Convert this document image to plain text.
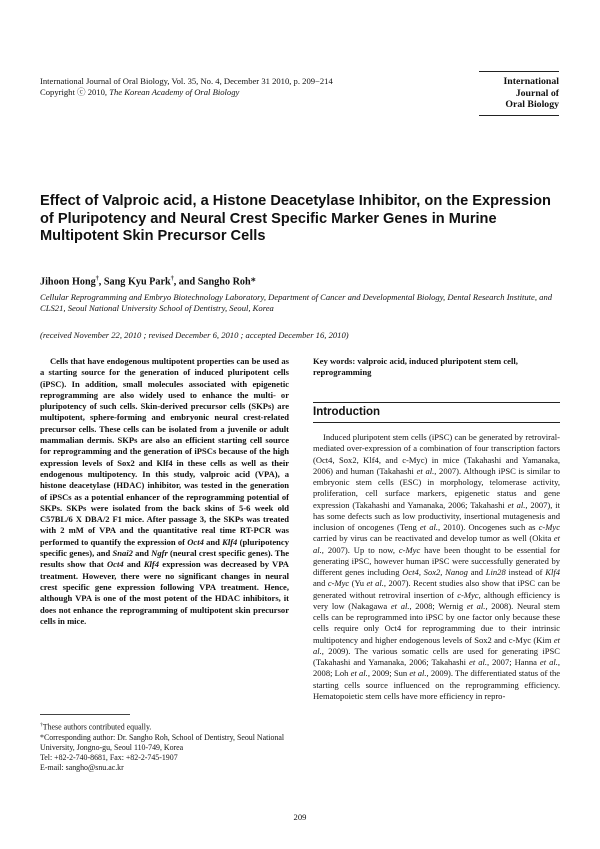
International Journal of Oral Biology, Vol. 35, No. 4, December 31 2010, p. 209−214
Copyright ⓒ 2010, The Korean Academy of Oral Biology
International
Journal of
Oral Biology
Effect of Valproic acid, a Histone Deacetylase Inhibitor, on the Expression of Pluripotency and Neural Crest Specific Marker Genes in Murine Multipotent Skin Precursor Cells
Jihoon Hong†, Sang Kyu Park†, and Sangho Roh*
Cellular Reprogramming and Embryo Biotechnology Laboratory, Department of Cancer and Developmental Biology, Dental Research Institute, and CLS21, Seoul National University School of Dentistry, Seoul, Korea
(received November 22, 2010 ; revised December 6, 2010 ; accepted December 16, 2010)

Cells that have endogenous multipotent properties can be used as a starting source for the generation of induced pluripotent cells (iPSC). In addition, small molecules associated with epigenetic reprogramming are also widely used to enhance the multi- or pluripotency of such cells. Skin-derived precursor cells (SKPs) are multipotent, sphere-forming and embryonic neural crest-related precursor cells. These cells can be isolated from a juvenile or adult mammalian dermis. SKPs are also an efficient starting cell source for reprogramming and the generation of iPSCs because of the high expression levels of Sox2 and Klf4 in these cells as well as their endogenous multipotency. In this study, valproic acid (VPA), a histone deacetylase (HDAC) inhibitor, was tested in the generation of iPSCs as a potential enhancer of the reprogramming potential of SKPs. SKPs were isolated from the back skins of 5-6 week old C57BL/6 X DBA/2 F1 mice. After passage 3, the SKPs was treated with 2 mM of VPA and the quantitative real time RT-PCR was performed to quantify the expression of Oct4 and Klf4 (pluripotency specific genes), and Snai2 and Ngfr (neural crest specific genes). The results show that Oct4 and Klf4 expression was decreased by VPA treatment. However, there were no significant changes in neural crest specific gene expression following VPA treatment. Hence, although VPA is one of the most potent of the HDAC inhibitors, it does not enhance the reprogramming of multipotent skin precursor cells in mice.

Key words: valproic acid, induced pluripotent stem cell, reprogramming
Introduction

Induced pluripotent stem cells (iPSC) can be generated by retroviral-mediated over-expression of a combination of four transcription factors (Oct4, Sox2, Klf4, and c-Myc) in mice (Takahashi and Yamanaka, 2006) and human (Takahashi et al., 2007). Although iPSC is similar to embryonic stem cells (ESC) in morphology, telomerase activity, proliferation, cell surface markers, epigenetic status and gene expression (Takahashi and Yamanaka, 2006; Takahashi et al., 2007), it has some defects such as low productivity, insertional mutagenesis and inclusion of oncogenes (Teng et al., 2010). Oncogenes such as c-Myc carried by virus can be reactivated and develop tumor as well (Okita et al., 2007). Up to now, c-Myc have been thought to be essential for generating iPSC, however human iPSC were successfully generated by different genes including Oct4, Sox2, Nanog and Lin28 instead of Klf4 and c-Myc (Yu et al., 2007). Recent studies also show that iPSC can be generated without retroviral insertion of c-Myc, although efficiency is very low (Nakagawa et al., 2008; Wernig et al., 2008). Neural stem cells can be reprogrammed into iPSC by one factor only because these cells require only Oct4 for reprogramming due to their intrinsic multipotency and higher endogenous levels of Sox2 and c-Myc (Kim et al., 2009). The various somatic cells are used for generating iPSC (Takahashi and Yamanaka, 2006; Takahashi et al., 2007; Hanna et al., 2008; Loh et al., 2009; Sun et al., 2009). The differentiated status of the starting cells source influenced on the reprogramming efficiency. Hematopoietic stem cells have more efficiency in repro-

†These authors contributed equally.
*Corresponding author: Dr. Sangho Roh, School of Dentistry, Seoul National University, Jongno-gu, Seoul 110-749, Korea
Tel: +82-2-740-8681, Fax: +82-2-745-1907
E-mail: sangho@snu.ac.kr
209
